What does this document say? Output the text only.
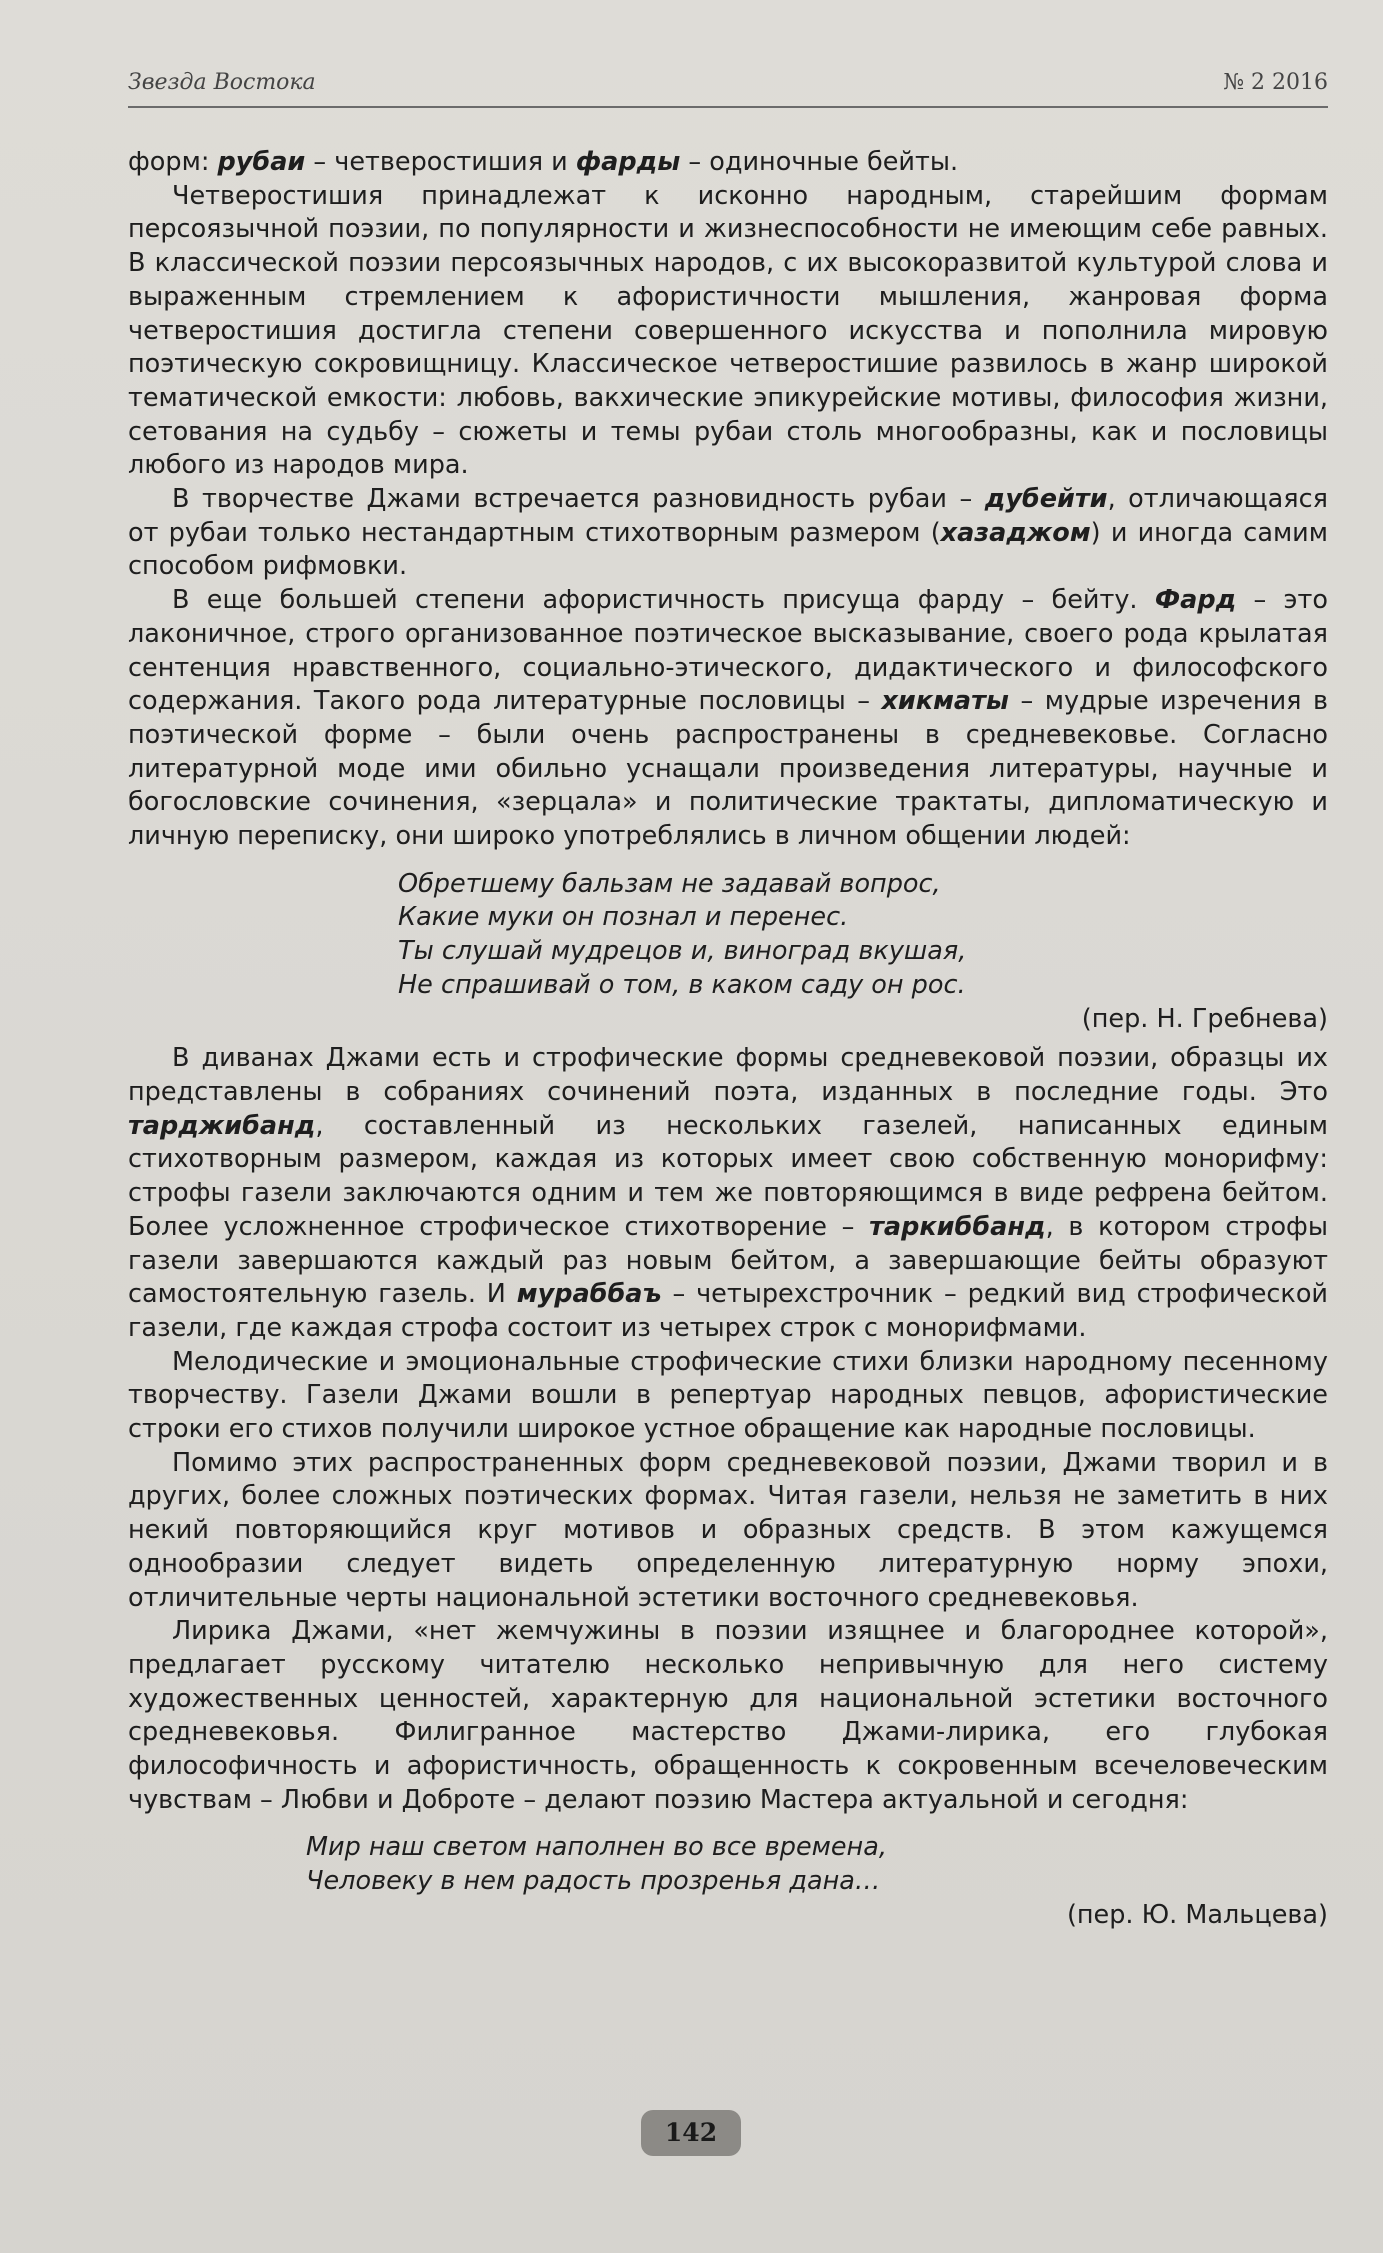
Звезда Востока	№ 2 2016

форм: рубаи – четверостишия и фарды – одиночные бейты.

Четверостишия принадлежат к исконно народным, старейшим формам персоязычной поэзии, по популярности и жизнеспособности не имеющим себе равных. В классической поэзии персоязычных народов, с их высокоразвитой культурой слова и выраженным стремлением к афористичности мышления, жанровая форма четверостишия достигла степени совершенного искусства и пополнила мировую поэтическую сокровищницу. Классическое четверостишие развилось в жанр широкой тематической емкости: любовь, вакхические эпикурейские мотивы, философия жизни, сетования на судьбу – сюжеты и темы рубаи столь многообразны, как и пословицы любого из народов мира.

В творчестве Джами встречается разновидность рубаи – дубейти, отличающаяся от рубаи только нестандартным стихотворным размером (хазаджом) и иногда самим способом рифмовки.

В еще большей степени афористичность присуща фарду – бейту. Фард – это лаконичное, строго организованное поэтическое высказывание, своего рода крылатая сентенция нравственного, социально-этического, дидактического и философского содержания. Такого рода литературные пословицы – хикматы – мудрые изречения в поэтической форме – были очень распространены в средневековье. Согласно литературной моде ими обильно уснащали произведения литературы, научные и богословские сочинения, «зерцала» и политические трактаты, дипломатическую и личную переписку, они широко употреблялись в личном общении людей:

Обретшему бальзам не задавай вопрос,
Какие муки он познал и перенес.
Ты слушай мудрецов и, виноград вкушая,
Не спрашивай о том, в каком саду он рос.
(пер. Н. Гребнева)

В диванах Джами есть и строфические формы средневековой поэзии, образцы их представлены в собраниях сочинений поэта, изданных в последние годы. Это тарджибанд, составленный из нескольких газелей, написанных единым стихотворным размером, каждая из которых имеет свою собственную монорифму: строфы газели заключаются одним и тем же повторяющимся в виде рефрена бейтом. Более усложненное строфическое стихотворение – таркиббанд, в котором строфы газели завершаются каждый раз новым бейтом, а завершающие бейты образуют самостоятельную газель. И мураббаъ – четырехстрочник – редкий вид строфической газели, где каждая строфа состоит из четырех строк с монорифмами.

Мелодические и эмоциональные строфические стихи близки народному песенному творчеству. Газели Джами вошли в репертуар народных певцов, афористические строки его стихов получили широкое устное обращение как народные пословицы.

Помимо этих распространенных форм средневековой поэзии, Джами творил и в других, более сложных поэтических формах. Читая газели, нельзя не заметить в них некий повторяющийся круг мотивов и образных средств. В этом кажущемся однообразии следует видеть определенную литературную норму эпохи, отличительные черты национальной эстетики восточного средневековья.

Лирика Джами, «нет жемчужины в поэзии изящнее и благороднее которой», предлагает русскому читателю несколько непривычную для него систему художественных ценностей, характерную для национальной эстетики восточного средневековья. Филигранное мастерство Джами-лирика, его глубокая философичность и афористичность, обращенность к сокровенным всечеловеческим чувствам – Любви и Доброте – делают поэзию Мастера актуальной и сегодня:

Мир наш светом наполнен во все времена,
Человеку в нем радость прозренья дана…
(пер. Ю. Мальцева)
142
